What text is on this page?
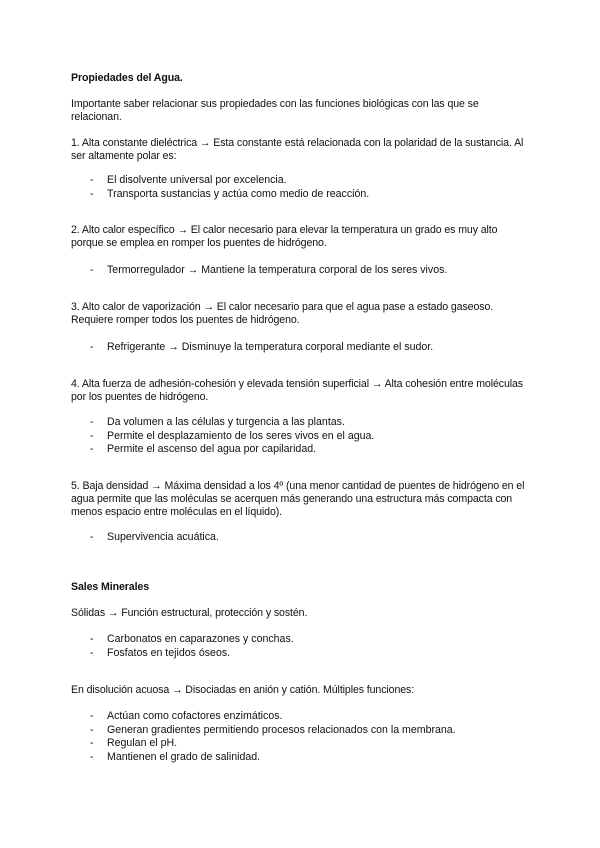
Propiedades del Agua.

Importante saber relacionar sus propiedades con las funciones biológicas con las que se relacionan.

1. Alta constante dieléctrica → Esta constante está relacionada con la polaridad de la sustancia. Al ser altamente polar es:

- El disolvente universal por excelencia.
- Transporta sustancias y actúa como medio de reacción.

2. Alto calor específico → El calor necesario para elevar la temperatura un grado es muy alto porque se emplea en romper los puentes de hidrógeno.

- Termorregulador → Mantiene la temperatura corporal de los seres vivos.

3. Alto calor de vaporización → El calor necesario para que el agua pase a estado gaseoso. Requiere romper todos los puentes de hidrógeno.

- Refrigerante → Disminuye la temperatura corporal mediante el sudor.

4. Alta fuerza de adhesión-cohesión y elevada tensión superficial → Alta cohesión entre moléculas por los puentes de hidrógeno.

- Da volumen a las células y turgencia a las plantas.
- Permite el desplazamiento de los seres vivos en el agua.
- Permite el ascenso del agua por capilaridad.

5. Baja densidad → Máxima densidad a los 4º (una menor cantidad de puentes de hidrógeno en el agua permite que las moléculas se acerquen más generando una estructura más compacta con menos espacio entre moléculas en el líquido).

- Supervivencia acuática.

Sales Minerales

Sólidas → Función estructural, protección y sostén.

- Carbonatos en caparazones y conchas.
- Fosfatos en tejidos óseos.

En disolución acuosa → Disociadas en anión y catión. Múltiples funciones:

- Actúan como cofactores enzimáticos.
- Generan gradientes permitiendo procesos relacionados con la membrana.
- Regulan el pH.
- Mantienen el grado de salinidad.
